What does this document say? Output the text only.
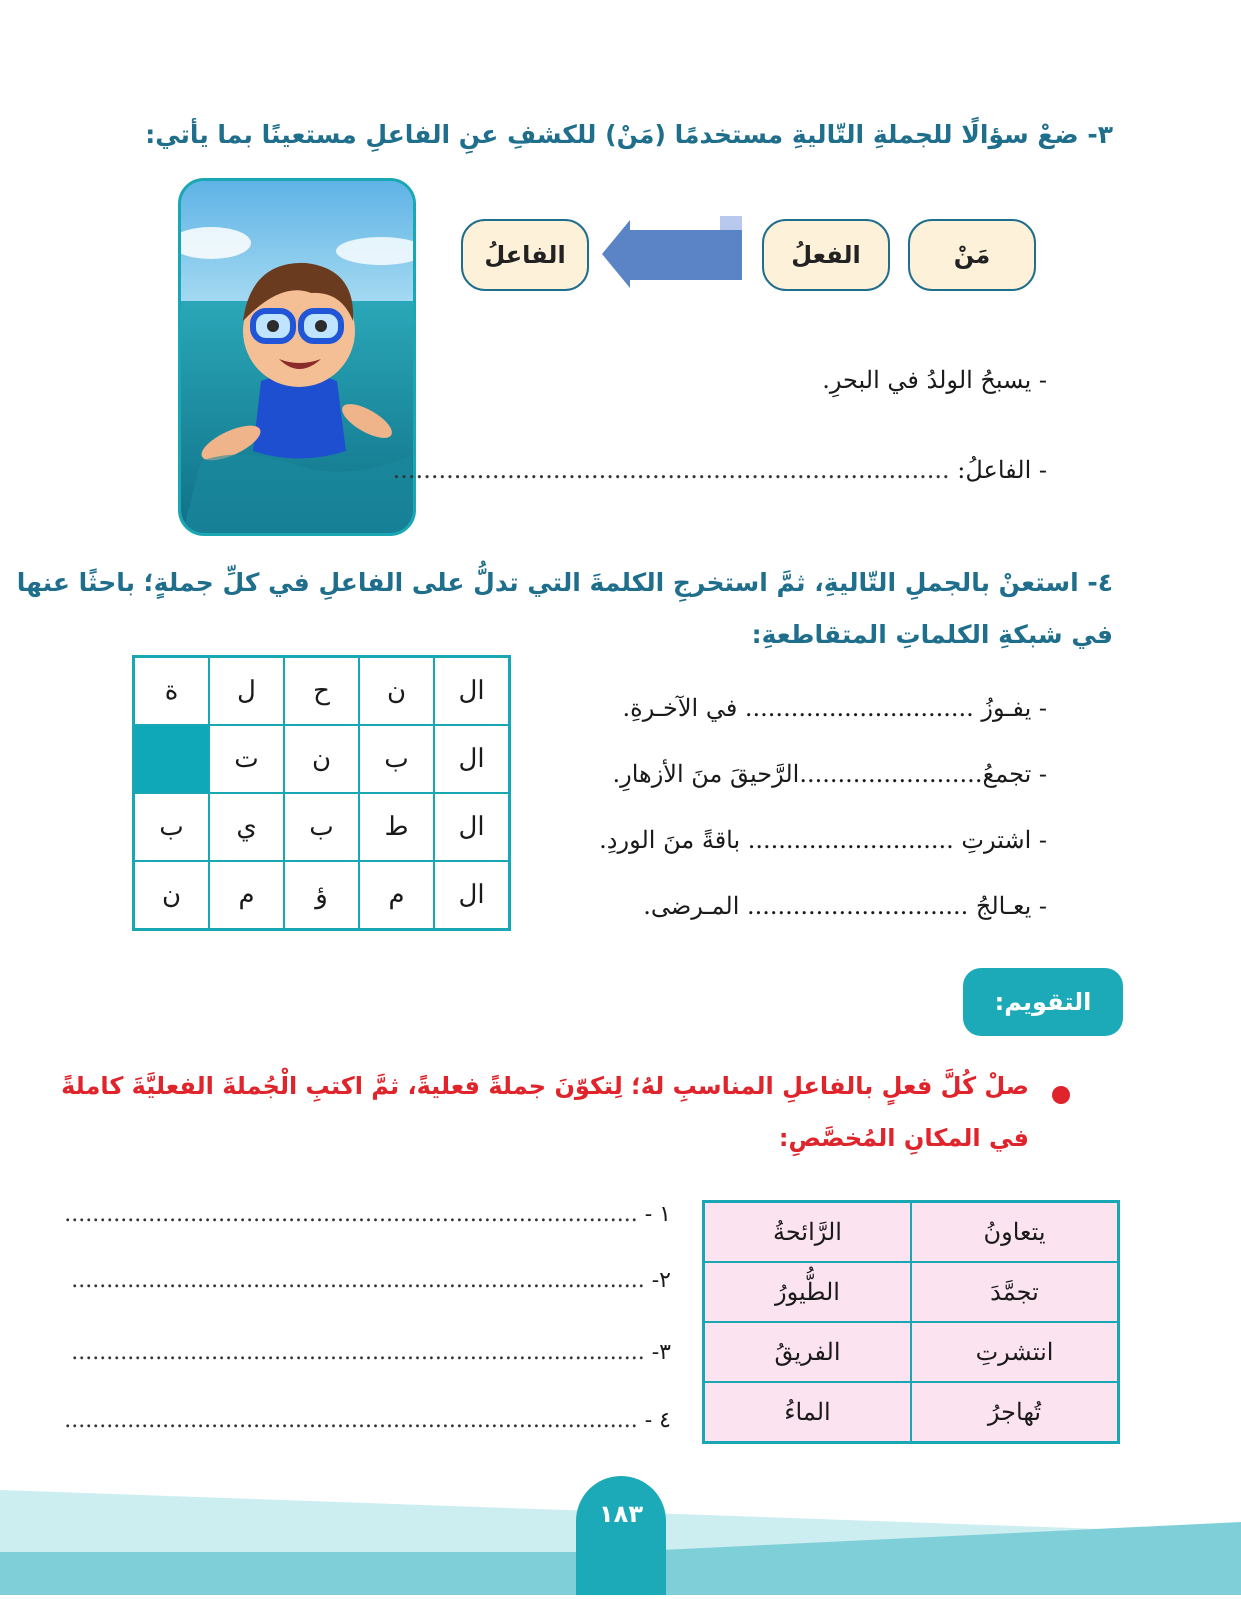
٣- ضعْ سؤالًا للجملةِ التّاليةِ مستخدمًا (مَنْ) للكشفِ عنِ الفاعلِ مستعينًا بما يأتي:
مَنْ
الفعلُ
الفاعلُ
- يسبحُ الولدُ في البحرِ.
- الفاعلُ: .........................................................................
٤- استعنْ بالجملِ التّاليةِ، ثمَّ استخرجِ الكلمةَ التي تدلُّ على الفاعلِ في كلِّ جملةٍ؛ باحثًا عنها
في شبكةِ الكلماتِ المتقاطعةِ:
ة	ل	ح	ن	ال
	ت	ن	ب	ال
ب	ي	ب	ط	ال
ن	م	ؤ	م	ال
- يفـوزُ .............................. في الآخـرةِ.
- تجمعُ........................الرَّحيقَ منَ الأزهارِ.
- اشترتِ ........................... باقةً منَ الوردِ.
- يعـالجُ ............................. المـرضى.
التقويم:
صلْ كُلَّ فعلٍ بالفاعلِ المناسبِ لهُ؛ لِتكوّنَ جملةً فعليةً، ثمَّ اكتبِ الْجُملةَ الفعليَّةَ كاملةً
في المكانِ المُخصَّصِ:
الرَّائحةُ	يتعاونُ
الطُّيورُ	تجمَّدَ
الفريقُ	انتشرتِ
الماءُ	تُهاجرُ
١ - ..................................................................................
٢- ..................................................................................
٣- ..................................................................................
٤ - ..................................................................................
١٨٣
